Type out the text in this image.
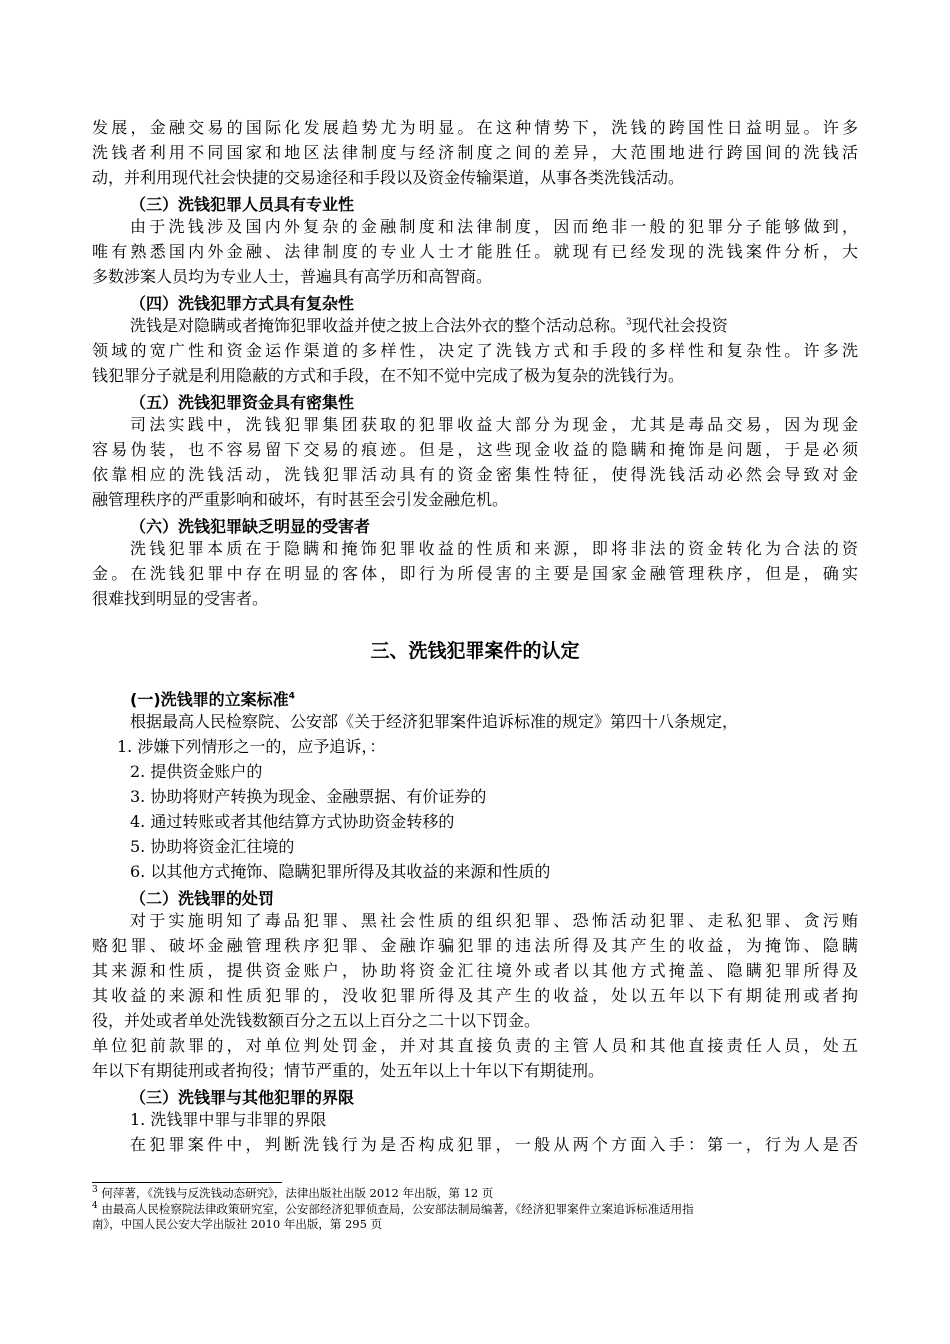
发展，金融交易的国际化发展趋势尤为明显。在这种情势下，洗钱的跨国性日益明显。许多
洗钱者利用不同国家和地区法律制度与经济制度之间的差异，大范围地进行跨国间的洗钱活
动，并利用现代社会快捷的交易途径和手段以及资金传输渠道，从事各类洗钱活动。
（三）洗钱犯罪人员具有专业性
由于洗钱涉及国内外复杂的金融制度和法律制度，因而绝非一般的犯罪分子能够做到，
唯有熟悉国内外金融、法律制度的专业人士才能胜任。就现有已经发现的洗钱案件分析，大
多数涉案人员均为专业人士，普遍具有高学历和高智商。
（四）洗钱犯罪方式具有复杂性
洗钱是对隐瞒或者掩饰犯罪收益并使之披上合法外衣的整个活动总称。$^3$现代社会投资
领域的宽广性和资金运作渠道的多样性，决定了洗钱方式和手段的多样性和复杂性。许多洗
钱犯罪分子就是利用隐蔽的方式和手段，在不知不觉中完成了极为复杂的洗钱行为。
（五）洗钱犯罪资金具有密集性
司法实践中，洗钱犯罪集团获取的犯罪收益大部分为现金，尤其是毒品交易，因为现金
容易伪装，也不容易留下交易的痕迹。但是，这些现金收益的隐瞒和掩饰是问题，于是必须
依靠相应的洗钱活动，洗钱犯罪活动具有的资金密集性特征，使得洗钱活动必然会导致对金
融管理秩序的严重影响和破坏，有时甚至会引发金融危机。
（六）洗钱犯罪缺乏明显的受害者
洗钱犯罪本质在于隐瞒和掩饰犯罪收益的性质和来源，即将非法的资金转化为合法的资
金。在洗钱犯罪中存在明显的客体，即行为所侵害的主要是国家金融管理秩序，但是，确实
很难找到明显的受害者。
三、洗钱犯罪案件的认定
(一)洗钱罪的立案标准$^4$
根据最高人民检察院、公安部《关于经济犯罪案件追诉标准的规定》第四十八条规定，
1. 涉嫌下列情形之一的，应予追诉，：
2. 提供资金账户的
3. 协助将财产转换为现金、金融票据、有价证券的
4. 通过转账或者其他结算方式协助资金转移的
5. 协助将资金汇往境的
6. 以其他方式掩饰、隐瞒犯罪所得及其收益的来源和性质的
（二）洗钱罪的处罚
对于实施明知了毒品犯罪、黑社会性质的组织犯罪、恐怖活动犯罪、走私犯罪、贪污贿
赂犯罪、破坏金融管理秩序犯罪、金融诈骗犯罪的违法所得及其产生的收益，为掩饰、隐瞒
其来源和性质，提供资金账户，协助将资金汇往境外或者以其他方式掩盖、隐瞒犯罪所得及
其收益的来源和性质犯罪的，没收犯罪所得及其产生的收益，处以五年以下有期徒刑或者拘
役，并处或者单处洗钱数额百分之五以上百分之二十以下罚金。
单位犯前款罪的，对单位判处罚金，并对其直接负责的主管人员和其他直接责任人员，处五
年以下有期徒刑或者拘役；情节严重的，处五年以上十年以下有期徒刑。
（三）洗钱罪与其他犯罪的界限
1. 洗钱罪中罪与非罪的界限
在犯罪案件中，判断洗钱行为是否构成犯罪，一般从两个方面入手：第一，行为人是否
$^3$ 何萍著，《洗钱与反洗钱动态研究》，法律出版社出版 2012 年出版，第 12 页
$^4$ 由最高人民检察院法律政策研究室，公安部经济犯罪侦查局，公安部法制局编著，《经济犯罪案件立案追诉标准适用指
南》，中国人民公安大学出版社 2010 年出版，第 295 页
